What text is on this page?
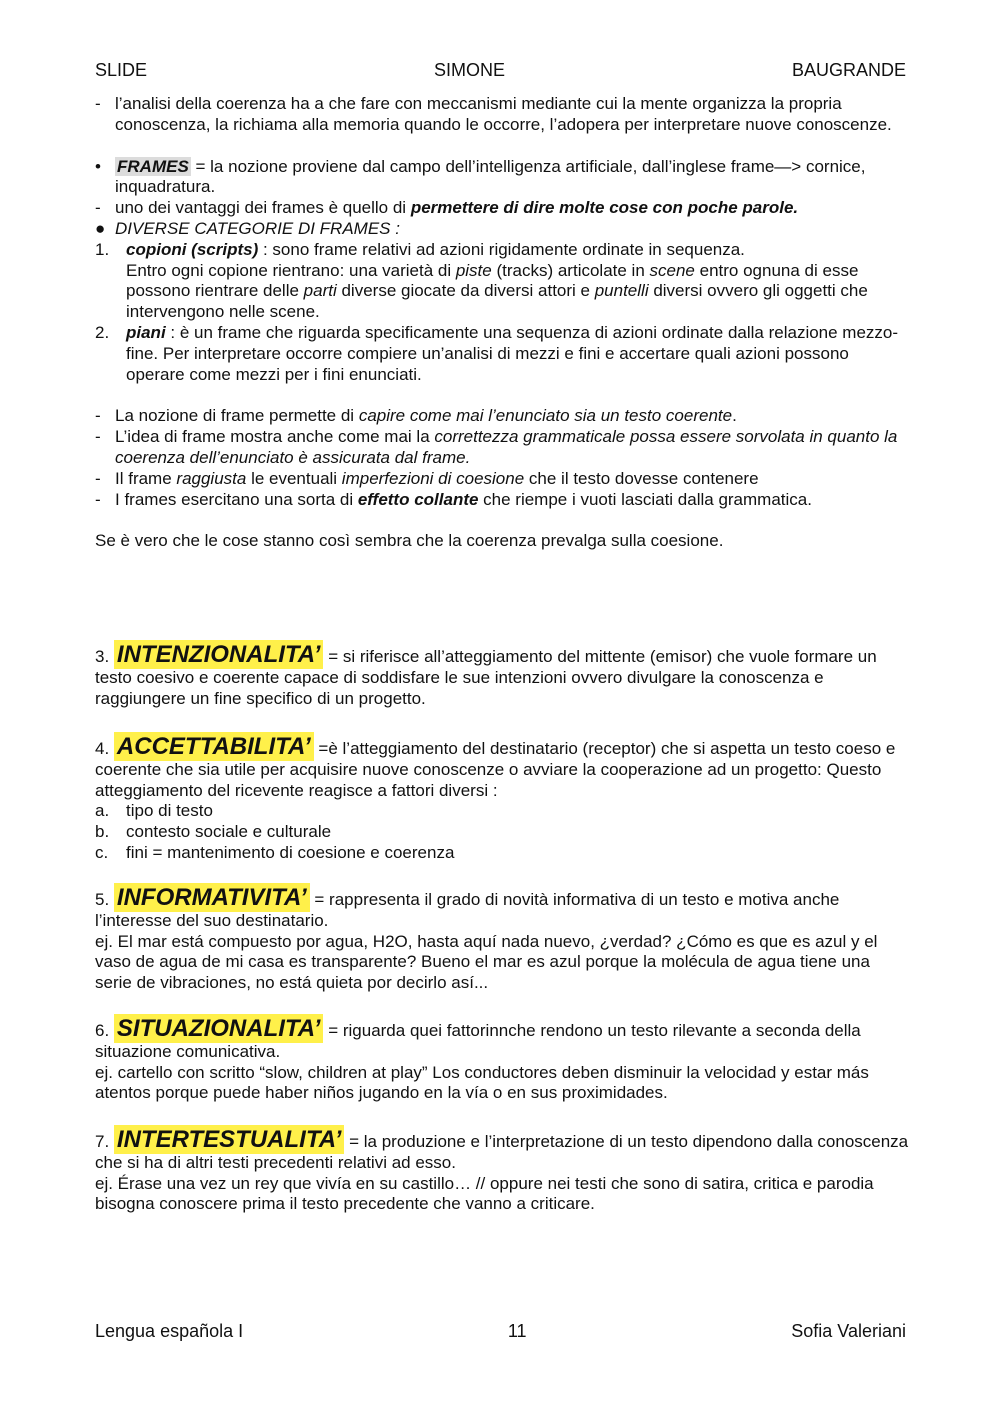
SLIDE	SIMONE	BAUGRANDE
- l’analisi della coerenza ha a che fare con meccanismi mediante cui la mente organizza la propria conoscenza, la richiama alla memoria quando le occorre, l’adopera per interpretare nuove conoscenze.
• FRAMES = la nozione proviene dal campo dell’intelligenza artificiale, dall’inglese frame—> cornice, inquadratura.
- uno dei vantaggi dei frames è quello di permettere di dire molte cose con poche parole.
● DIVERSE CATEGORIE DI FRAMES :
1. copioni (scripts) : sono frame relativi ad azioni rigidamente ordinate in sequenza.
Entro ogni copione rientrano: una varietà di piste (tracks) articolate in scene entro ognuna di esse possono rientrare delle parti diverse giocate da diversi attori e puntelli diversi ovvero gli oggetti che intervengono nelle scene.
2. piani : è un frame che riguarda specificamente una sequenza di azioni ordinate dalla relazione mezzo-fine. Per interpretare occorre compiere un’analisi di mezzi e fini e accertare quali azioni possono operare come mezzi per i fini enunciati.
- La nozione di frame permette di capire come mai l’enunciato sia un testo coerente.
- L’idea di frame mostra anche come mai la correttezza grammaticale possa essere sorvolata in quanto la coerenza dell’enunciato è assicurata dal frame.
- Il frame raggiusta le eventuali imperfezioni di coesione che il testo dovesse contenere
- I frames esercitano una sorta di effetto collante che riempe i vuoti lasciati dalla grammatica.
Se è vero che le cose stanno così sembra che la coerenza prevalga sulla coesione.
3. INTENZIONALITA’ = si riferisce all’atteggiamento del mittente (emisor) che vuole formare un testo coesivo e coerente capace di soddisfare le sue intenzioni ovvero divulgare la conoscenza e raggiungere un fine specifico di un progetto.
4. ACCETTABILITA’ =è l’atteggiamento del destinatario (receptor) che si aspetta un testo coeso e coerente che sia utile per acquisire nuove conoscenze o avviare la cooperazione ad un progetto: Questo atteggiamento del ricevente reagisce a fattori diversi :
a. tipo di testo
b. contesto sociale e culturale
c. fini = mantenimento di coesione e coerenza
5. INFORMATIVITA’ = rappresenta il grado di novità informativa di un testo e motiva anche l’interesse del suo destinatario.
ej. El mar está compuesto por agua, H2O, hasta aquí nada nuevo, ¿verdad? ¿Cómo es que es azul y el vaso de agua de mi casa es transparente? Bueno el mar es azul porque la molécula de agua tiene una serie de vibraciones, no está quieta por decirlo así...
6. SITUAZIONALITA’ = riguarda quei fattorinnche rendono un testo rilevante a seconda della situazione comunicativa.
ej. cartello con scritto “slow, children at play” Los conductores deben disminuir la velocidad y estar más atentos porque puede haber niños jugando en la vía o en sus proximidades.
7. INTERTESTUALITA’ = la produzione e l’interpretazione di un testo dipendono dalla conoscenza che si ha di altri testi precedenti relativi ad esso.
ej. Érase una vez un rey que vivía en su castillo… // oppure nei testi che sono di satira, critica e parodia bisogna conoscere prima il testo precedente che vanno a criticare.
Lengua española I	11	Sofia Valeriani
